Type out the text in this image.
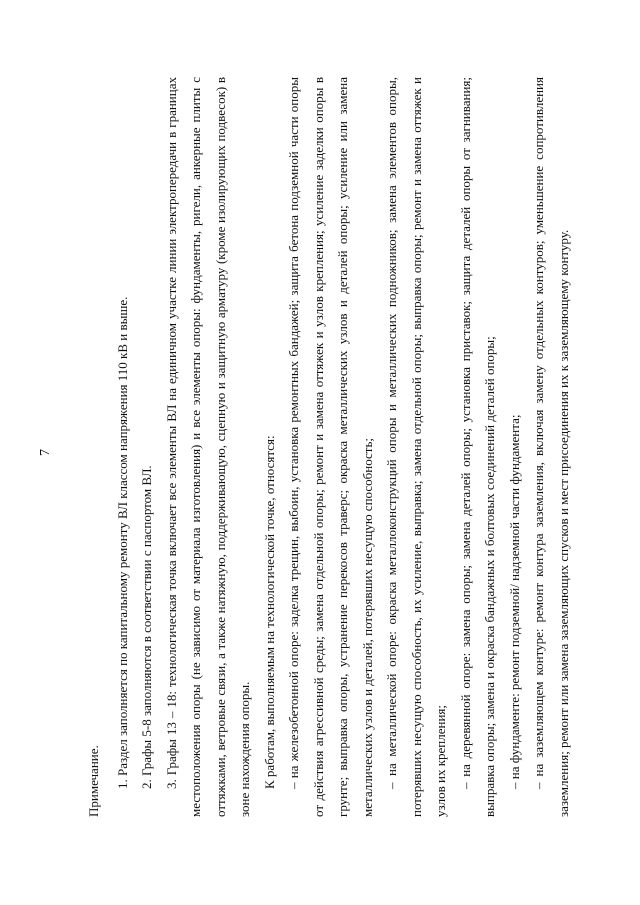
7

Примечание.	1. Раздел заполняется по капитальному ремонту ВЛ классом напряжения 110 кВ и выше. 2. Графы 5-8 заполняются в соответствии с паспортом ВЛ. 3. Графы 13 – 18: технологическая точка включает все элементы ВЛ на единичном участке линии электропередачи в границах местоположения опоры (не зависимо от материала изготовления) и все элементы опоры: фундаменты, ригели, анкерные плиты с оттяжками, ветровые связи, а также натяжную, поддерживающую, сцепную и защитную арматуру (кроме изолирующих подвесок) в зоне нахождения опоры. К работам, выполняемым на технологической точке, относятся: – на железобетонной опоре: заделка трещин, выбоин, установка ремонтных бандажей; защита бетона подземной части опоры от действия агрессивной среды; замена отдельной опоры; ремонт и замена оттяжек и узлов крепления; усиление заделки опоры в грунте; выправка опоры, устранение перекосов траверс; окраска металлических узлов и деталей опоры; усиление или замена металлических узлов и деталей, потерявших несущую способность; – на металлической опоре: окраска металлоконструкций опоры и металлических подножников; замена элементов опоры, потерявших несущую способность, их усиление, выправка; замена отдельной опоры; выправка опоры; ремонт и замена оттяжек и узлов их крепления; – на деревянной опоре: замена опоры; замена деталей опоры; установка приставок; защита деталей опоры от загнивания; выправка опоры; замена и окраска бандажных и болтовых соединений деталей опоры; – на фундаменте: ремонт подземной/ надземной части фундамента; – на заземляющем контуре: ремонт контура заземления, включая замену отдельных контуров; уменьшение сопротивления заземления; ремонт или замена заземляющих спусков и мест присоединения их к заземляющему контуру.
